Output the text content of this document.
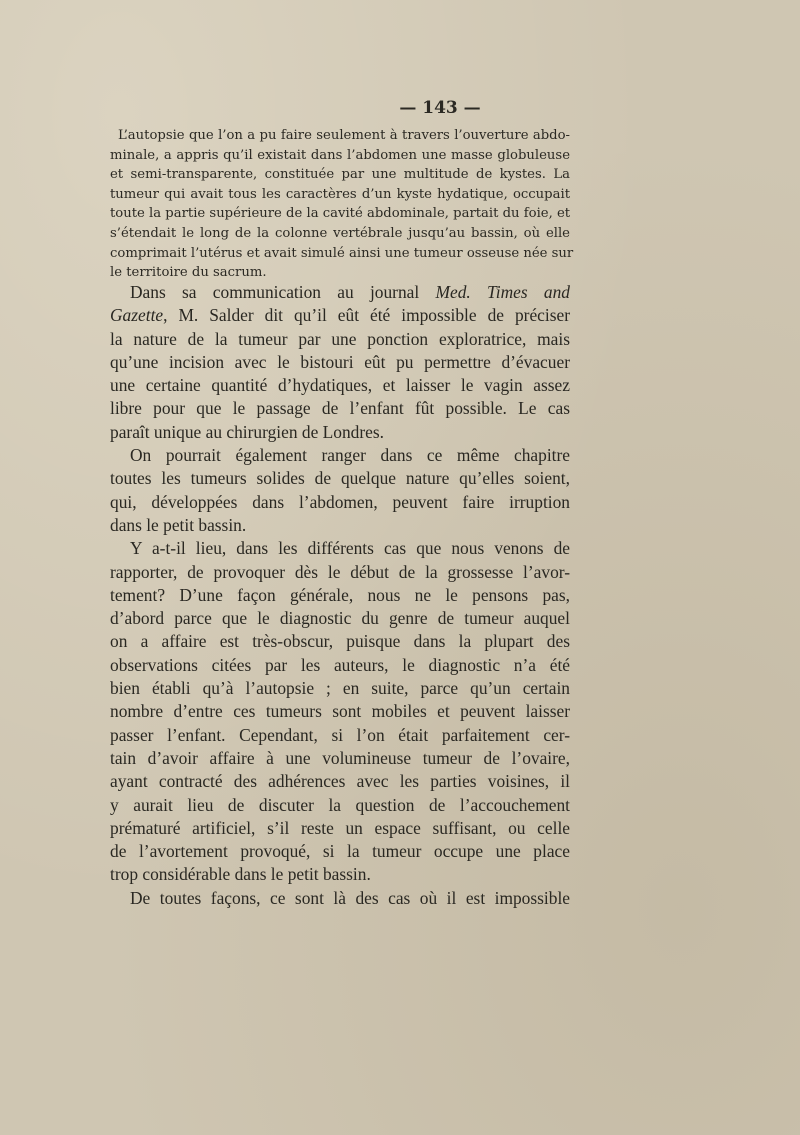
— 143 —
L’autopsie que l’on a pu faire seulement à travers l’ouverture abdo-
minale, a appris qu’il existait dans l’abdomen une masse globuleuse
et semi-transparente, constituée par une multitude de kystes. La
tumeur qui avait tous les caractères d’un kyste hydatique, occupait
toute la partie supérieure de la cavité abdominale, partait du foie, et
s’étendait le long de la colonne vertébrale jusqu’au bassin, où elle
comprimait l’utérus et avait simulé ainsi une tumeur osseuse née sur
le territoire du sacrum.
Dans sa communication au journal Med. Times and
Gazette, M. Salder dit qu’il eût été impossible de préciser
la nature de la tumeur par une ponction exploratrice, mais
qu’une incision avec le bistouri eût pu permettre d’évacuer
une certaine quantité d’hydatiques, et laisser le vagin assez
libre pour que le passage de l’enfant fût possible. Le cas
paraît unique au chirurgien de Londres.
On pourrait également ranger dans ce même chapitre
toutes les tumeurs solides de quelque nature qu’elles soient,
qui, développées dans l’abdomen, peuvent faire irruption
dans le petit bassin.
Y a-t-il lieu, dans les différents cas que nous venons de
rapporter, de provoquer dès le début de la grossesse l’avor-
tement? D’une façon générale, nous ne le pensons pas,
d’abord parce que le diagnostic du genre de tumeur auquel
on a affaire est très-obscur, puisque dans la plupart des
observations citées par les auteurs, le diagnostic n’a été
bien établi qu’à l’autopsie ; en suite, parce qu’un certain
nombre d’entre ces tumeurs sont mobiles et peuvent laisser
passer l’enfant. Cependant, si l’on était parfaitement cer-
tain d’avoir affaire à une volumineuse tumeur de l’ovaire,
ayant contracté des adhérences avec les parties voisines, il
y aurait lieu de discuter la question de l’accouchement
prématuré artificiel, s’il reste un espace suffisant, ou celle
de l’avortement provoqué, si la tumeur occupe une place
trop considérable dans le petit bassin.
De toutes façons, ce sont là des cas où il est impossible
